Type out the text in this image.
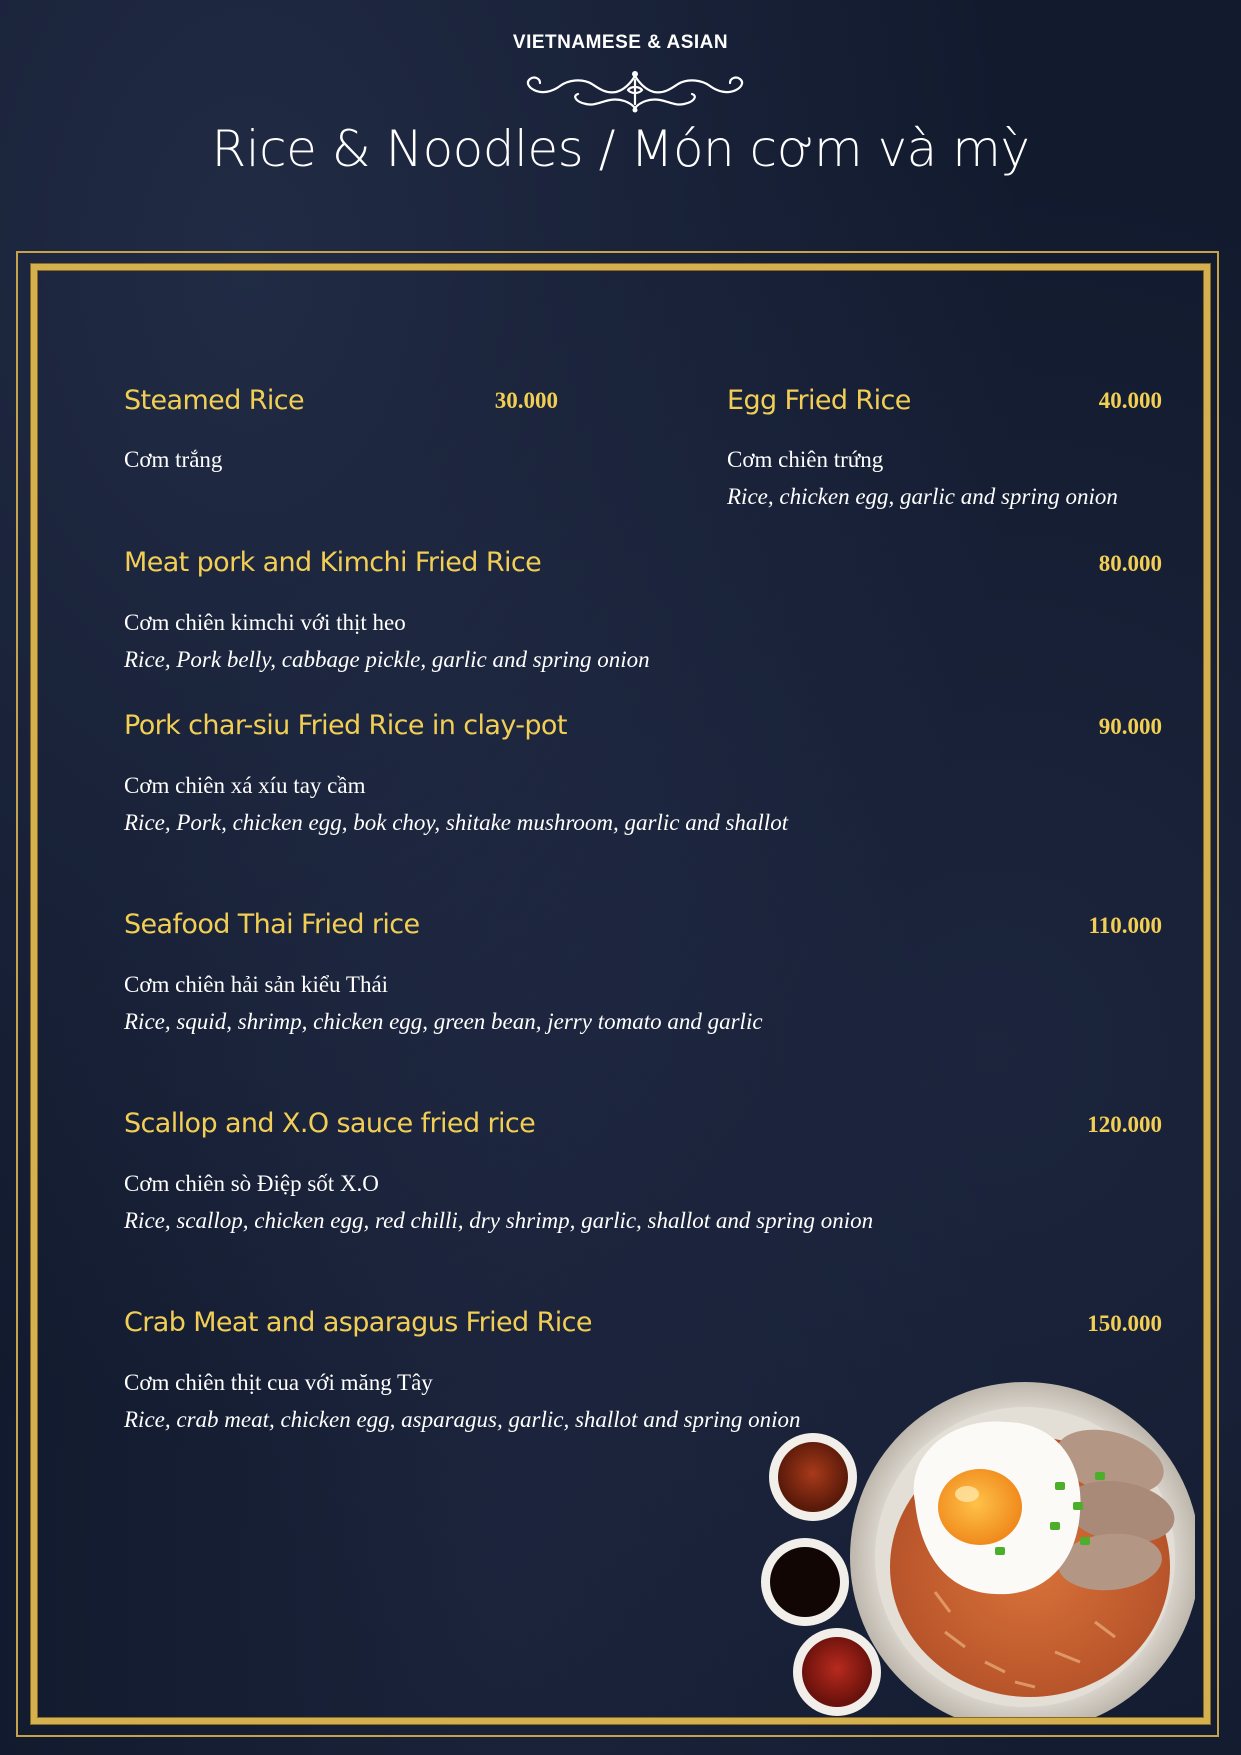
VIETNAMESE & ASIAN
Rice & Noodles / Món cơm và mỳ
Steamed Rice	30.000
Cơm trắng
Egg Fried Rice	40.000
Cơm chiên trứng
Rice, chicken egg, garlic and spring onion
Meat pork and Kimchi Fried Rice	80.000
Cơm chiên kimchi với thịt heo
Rice, Pork belly, cabbage pickle, garlic and spring onion
Pork char-siu Fried Rice in clay-pot	90.000
Cơm chiên xá xíu tay cầm
Rice, Pork, chicken egg, bok choy, shitake mushroom, garlic and shallot
Seafood Thai Fried rice	110.000
Cơm chiên hải sản kiểu Thái
Rice, squid, shrimp, chicken egg, green bean, jerry tomato and garlic
Scallop and X.O sauce fried rice	120.000
Cơm chiên sò Điệp sốt X.O
Rice, scallop, chicken egg, red chilli, dry shrimp, garlic, shallot and spring onion
Crab Meat and asparagus Fried Rice	150.000
Cơm chiên thịt cua với măng Tây
Rice, crab meat, chicken egg, asparagus, garlic, shallot and spring onion
